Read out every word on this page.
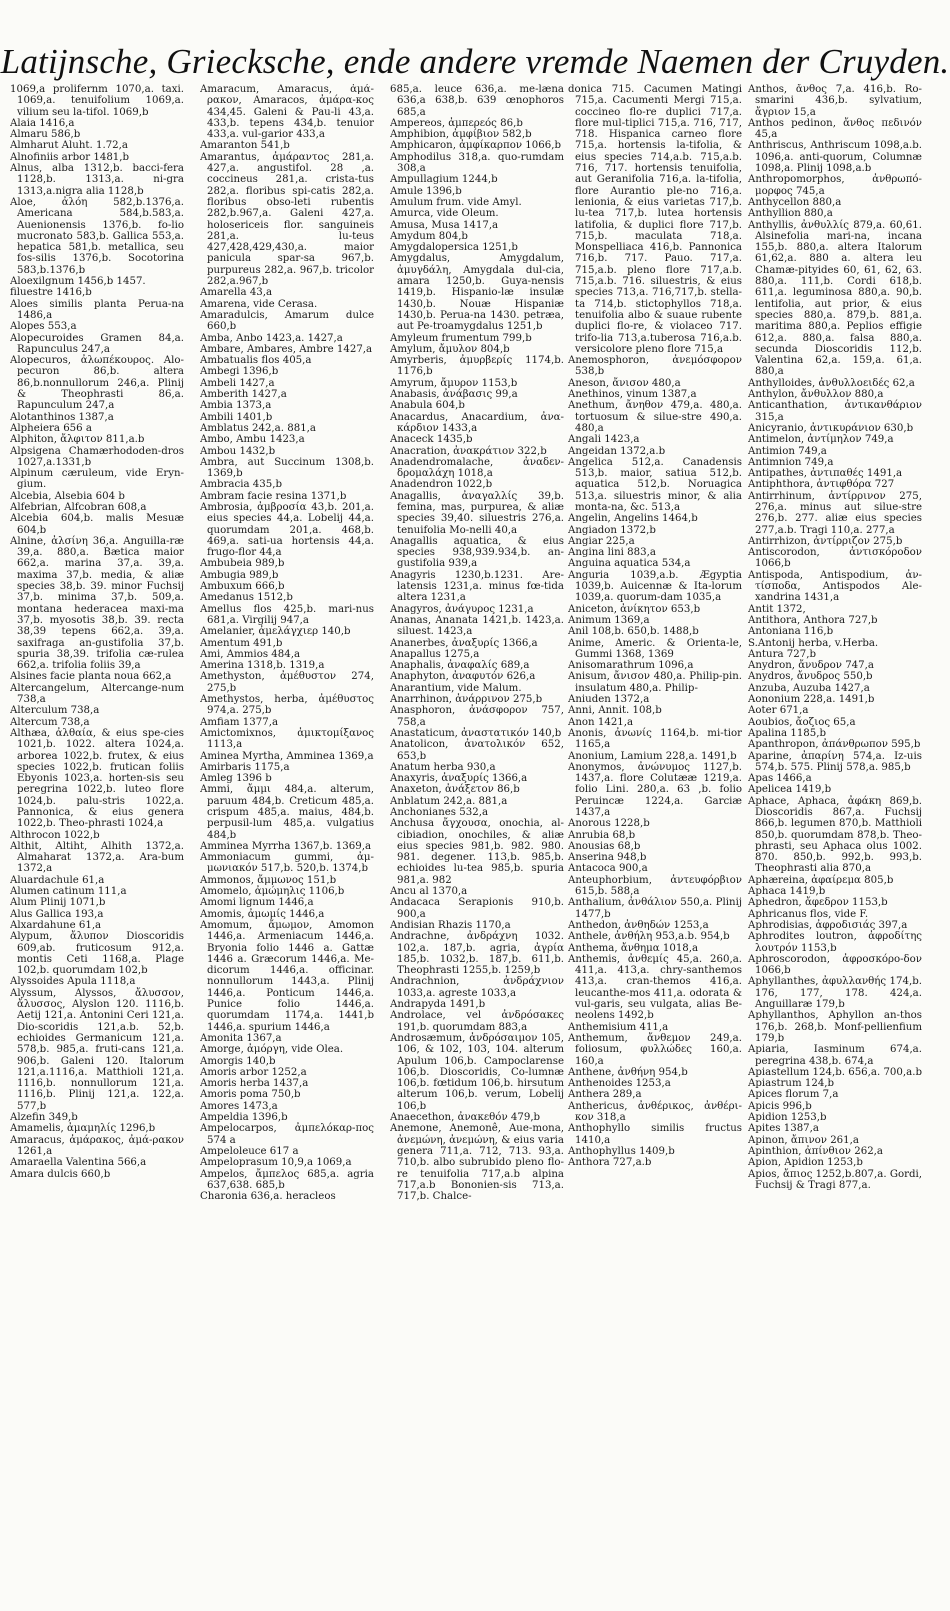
Latijnsche, Griecksche, ende andere vremde Naemen der Cruyden.

1069,a prolifernm 1070,a. taxi. 1069,a. tenuifolium 1069,a. vilium seu la-tifol. 1069,b

Alaia 1416,a

Almaru 586,b

Almharut Aluht. 1.72,a

Alnofiniis arbor 1481,b

Alnus, alba 1312,b. bacci-fera 1128,b. 1313,a. ni-gra 1313,a.nigra alia 1128,b

Aloe, ἀλόη 582,b.1376,a. Americana 584,b.583,a. Auenionensis 1376,b. fo-lio mucronato 583,b. Gallica 553,a. hepatica 581,b. metallica, seu fos-silis 1376,b. Socotorina 583,b.1376,b

Aloexilgnum 1456,b 1457.

filuestre 1416,b

Aloes similis planta Perua-na 1486,a

Alopes 553,a

Alopecuroides Gramen 84,a. Rapunculus 247,a

Alopecuros, ἀλωπέκουρος. Alo-pecuron 86,b. altera 86,b.nonnullorum 246,a. Plinij & Theophrasti 86,a. Rapunculum 247,a

Alotanthinos 1387,a

Alpheiera 656 a

Alphiton, ἄλφιτον 811,a.b

Alpsigena Chamærhododen-dros 1027,a.1331,b

Alpinum cæruleum, vide Eryn-gium.

Alcebia, Alsebia 604 b

Alfebrian, Alfcobran 608,a

Alcebia 604,b. malis Mesuæ 604,b

Alnine, ἀλσίνη 36,a. Anguilla-ræ 39,a. 880,a. Bætica maior 662,a. marina 37,a. 39,a. maxima 37,b. media, & aliæ species 38,b. 39. minor Fuchsij 37,b. minima 37,b. 509,a. montana hederacea maxi-ma 37,b. myosotis 38,b. 39. recta 38,39 tepens 662,a. 39,a. saxifraga an-gustifolia 37,b. spuria 38,39. trifolia cæ-rulea 662,a. trifolia foliis 39,a

Alsines facie planta noua 662,a

Altercangelum, Altercange-num 738,a

Alterculum 738,a

Altercum 738,a

Althæa, ἀλθαία, & eius spe-cies 1021,b. 1022. altera 1024,a. arborea 1022,b. frutex, & eius species 1022,b. frutican foliis Ebyonis 1023,a. horten-sis seu peregrina 1022,b. luteo flore 1024,b. palu-stris 1022,a. Pannonica, & eius genera 1022,b. Theo-phrasti 1024,a

Althrocon 1022,b

Althit, Altiht, Alhith 1372,a. Almaharat 1372,a. Ara-bum 1372,a

Aluardachule 61,a

Alumen catinum 111,a

Alum Plinij 1071,b

Alus Gallica 193,a

Alxardahune 61,a

Alypum, ἄλυπον Dioscoridis 609,ab. fruticosum 912,a. montis Ceti 1168,a. Plage 102,b. quorumdam 102,b

Alyssoides Apula 1118,a

Alyssum, Alyssos, ἄλυσσον, ἄλυσσος, Alyslon 120. 1116,b. Aetij 121,a. Antonini Ceri 121,a. Dio-scoridis 121,a.b. 52,b. echioides Germanicum 121,a. 578,b. 985,a. fruti-cans 121,a. 906,b. Galeni 120. Italorum 121,a.1116,a. Matthioli 121,a. 1116,b. nonnullorum 121,a. 1116,b. Plinij 121,a. 122,a. 577,b

Alzefin 349,b

Amamelis, ἀμαμηλίς 1296,b

Amaracus, ἀμάρακος, ἀμά-ρακον 1261,a

Amaraella Valentina 566,a

Amara dulcis 660,b

Amaracum, Amaracus, ἀμά-ρακον, Amaracos, ἀμάρα-κος 434,45. Galeni & Pau-li 43,a. 433,b. tepens 434,b. tenuior 433,a. vul-garior 433,a

Amaranton 541,b

Amarantus, ἀμάραντος 281,a. 427,a. angustifol. 28 ,a. coccineus 281,a. crista-tus 282,a. floribus spi-catis 282,a. floribus obso-leti rubentis 282,b.967,a. Galeni 427,a. holosericeis flor. sanguineis 281,a. lu-teus 427,428,429,430,a. maior panicula spar-sa 967,b. purpureus 282,a. 967,b. tricolor 282,a.967,b

Amarella 43,a

Amarena, vide Cerasa.

Amaradulcis, Amarum dulce 660,b

Amba, Anbo 1423,a. 1427,a

Ambare, Ambares, Ambre 1427,a

Ambatualis flos 405,a

Ambegi 1396,b

Ambeli 1427,a

Amberith 1427,a

Ambia 1373,a

Ambili 1401,b

Amblatus 242,a. 881,a

Ambo, Ambu 1423,a

Ambou 1432,b

Ambra, aut Succinum 1308,b. 1369,b

Ambracia 435,b

Ambram facie resina 1371,b

Ambrosia, ἀμβροσία 43,b. 201,a. eius species 44,a. Lobelij 44,a. quorumdam 201,a. 468,b. 469,a. sati-ua hortensis 44,a. frugo-flor 44,a

Ambubeia 989,b

Ambugia 989,b

Ambuxum 666,b

Amedanus 1512,b

Amellus flos 425,b. mari-nus 681,a. Virgilij 947,a

Amelanier, ἀμελάγχιερ 140,b

Amentum 491,b

Ami, Ammios 484,a

Amerina 1318,b. 1319,a

Amethyston, ἀμέθυστον 274, 275,b

Amethystos, herba, ἀμέθυστος 974,a. 275,b

Amfiam 1377,a

Amictomixnos, ἀμικτομίξανος 1113,a

Aminea Myrtha, Amminea 1369,a

Amirbaris 1175,a

Amleg 1396 b

Ammi, ἄμμι 484,a. alterum, paruum 484,b. Creticum 485,a. crispum 485,a. maius, 484,b. perpusil-lum 485,a. vulgatius 484,b

Amminea Myrrha 1367,b. 1369,a

Ammoniacum gummi, ἀμ-μωνιακόν 517,b. 520,b. 1374,b

Ammonos, ἄμμωνος 151,b

Amomelo, ἀμώμηλις 1106,b

Amomi lignum 1446,a

Amomis, ἀμωμίς 1446,a

Amomum, ἄμωμον, Amomon 1446,a. Armeniacum 1446,a. Bryonia folio 1446 a. Gattæ 1446 a. Græcorum 1446,a. Me-dicorum 1446,a. officinar. nonnullorum 1443,a. Plinij 1446,a. Ponticum 1446,a. Punice folio 1446,a. quorumdam 1174,a. 1441,b 1446,a. spurium 1446,a

Amonita 1367,a

Amorge, ἀμόργη, vide Olea.

Amorgis 140,b

Amoris arbor 1252,a

Amoris herba 1437,a

Amoris poma 750,b

Amores 1473,a

Ampeldia 1396,b

Ampelocarpos, ἀμπελόκαρ-πος 574 a

Ampeloleuce 617 a

Ampeloprasum 10,9,a 1069,a

Ampelos, ἄμπελος 685,a. agria 637,638. 685,b

Charonia 636,a. heracleos

685,a. leuce 636,a. me-læna 636,a 638,b. 639 œnophoros 685,a

Ampereos, ἀμπερεός 86,b

Amphibion, ἀμφίβιον 582,b

Amphicaron, ἀμφίκαρπον 1066,b

Amphodilus 318,a. quo-rumdam 308,a

Ampullagium 1244,b

Amule 1396,b

Amulum frum. vide Amyl.

Amurca, vide Oleum.

Amusa, Musa 1417,a

Amydum 804,b

Amygdalopersica 1251,b

Amygdalus, Amygdalum, ἀμυγδάλη, Amygdala dul-cia, amara 1250,b. Guya-nensis 1419,b. Hispanio-læ insulæ 1430,b. Nouæ Hispaniæ 1430,b. Perua-na 1430. petræa, aut Pe-troamygdalus 1251,b

Amyleum frumentum 799,b

Amylum, ἄμυλον 804,b

Amyrberis, ἀμυρβερίς 1174,b. 1176,b

Amyrum, ἄμυρον 1153,b

Anabasis, ἀνάβασις 99,a

Anabula 604,b

Anacardus, Anacardium, ἀνα-κάρδιον 1433,a

Anaceck 1435,b

Anacration, ἀνακράτιον 322,b

Anadendromalache, ἀναδεν-δρομαλάχη 1018,a

Anadendron 1022,b

Anagallis, ἀναγαλλίς 39,b. femina, mas, purpurea, & aliæ species 39,40. siluestris 276,a. tenuifolia Mo-nelli 40,a

Anagallis aquatica, & eius species 938,939.934,b. an-gustifolia 939,a

Anagyris 1230,b.1231. Are-latensis 1231,a. minus fœ-tida altera 1231,a

Anagyros, ἀνάγυρος 1231,a

Ananas, Ananata 1421,b. 1423,a. siluest. 1423,a

Ananerbes, ἀναξυρίς 1366,a

Anapallus 1275,a

Anaphalis, ἀναφαλίς 689,a

Anaphyton, ἀναφυτόν 626,a

Anarantium, vide Malum.

Anarrhinon, ἀνάρρινον 275,b

Anasphoron, ἀνάσφορον 757, 758,a

Anastaticum, ἀναστατικόν 140,b

Anatolicon, ἀνατολικόν 652, 653,b

Anatum herba 930,a

Anaxyris, ἀναξυρίς 1366,a

Anaxeton, ἀνάξετον 86,b

Anblatum 242,a. 881,a

Anchonianes 532,a

Anchusa ἄγχουσα, onochia, al-cibiadion, onochiles, & aliæ eius species 981,b. 982. 980. 981. degener. 113,b. 985,b. echioides lu-tea 985,b. spuria 981,a. 982

Ancu al 1370,a

Andacaca Serapionis 910,b. 900,a

Andisian Rhazis 1170,a

Andrachne, ἀνδράχνη 1032. 102,a. 187,b. agria, ἀγρία 185,b. 1032,b. 187,b. 611,b. Theophrasti 1255,b. 1259,b

Andrachnion, ἀνδράχνιον 1033,a. agreste 1033,a

Andrapyda 1491,b

Androlace, vel ἀνδρόσακες 191,b. quorumdam 883,a

Androsæmum, ἀνδρόσαιμον 105, 106, & 102, 103, 104. alterum Apulum 106,b. Campoclarense 106,b. Dioscoridis, Co-lumnæ 106,b. fœtidum 106,b. hirsutum alterum 106,b. verum, Lobelij 106,b

Anaecethon, ἀνακεθόν 479,b

Anemone, Anemonê, Aue-mona, ἀνεμώνη, ἀνεμώνη, & eius varia genera 711,a. 712, 713. 93,a. 710,b. albo subrubido pleno flo-re tenuifolia 717,a.b alpina 717,a.b Bononien-sis 713,a. 717,b. Chalce-

donica 715. Cacumen Matingi 715,a. Cacumenti Mergi 715,a. coccineo flo-re duplici 717,a. flore mul-tiplici 715,a. 716, 717, 718. Hispanica carneo flore 715,a. hortensis la-tifolia, & eius species 714,a.b. 715,a.b. 716, 717. hortensis tenuifolia, aut Geranifolia 716,a. la-tifolia, flore Aurantio ple-no 716,a. lenionia, & eius varietas 717,b. lu-tea 717,b. lutea hortensis latifolia, & duplici flore 717,b. 715,b. maculata 718,a. Monspelliaca 416,b. Pannonica 716,b. 717. Pauo. 717,a. 715,a.b. pleno flore 717,a.b. 715,a.b. 716. siluestris, & eius species 713,a. 716,717,b. stella-ta 714,b. stictophyllos 718,a. tenuifolia albo & suaue rubente duplici flo-re, & violaceo 717. trifo-lia 713,a.tuberosa 716,a.b. versicolore pleno flore 715,a

Anemosphoron, ἀνεμόσφορον 538,b

Aneson, ἄνισον 480,a

Anethinos, vinum 1387,a

Anethum, ἄνηθον 479,a. 480,a. tortuosum & silue-stre 490,a. 480,a

Angali 1423,a

Angeidan 1372,a.b

Angelica 512,a. Canadensis 513,b. maior, satiua 512,b. aquatica 512,b. Noruagica 513,a. siluestris minor, & alia monta-na, &c. 513,a

Angelin, Angelins 1464,b

Angiadon 1372,b

Angiar 225,a

Angina lini 883,a

Anguina aquatica 534,a

Anguria 1039,a.b. Ægyptia 1039,b. Auicennæ & Ita-lorum 1039,a. quorum-dam 1035,a

Aniceton, ἀνίκητον 653,b

Animum 1369,a

Anil 108,b. 650,b. 1488,b

Anime, Americ. & Orienta-le, Gummi 1368, 1369

Anisomarathrum 1096,a

Anisum, ἄνισον 480,a. Philip-pin. insulatum 480,a. Philip-

Aniuden 1372,a

Anni, Annit. 108,b

Anon 1421,a

Anonis, ἀνωνίς 1164,b. mi-tior 1165,a

Anonium, Lamium 228,a. 1491,b

Anonymos, ἀνώνυμος 1127,b. 1437,a. flore Colutææ 1219,a. folio Lini. 280,a. 63 ,b. folio Peruincæ 1224,a. Garciæ 1437,a

Anorous 1228,b

Anrubia 68,b

Anousias 68,b

Anserina 948,b

Antacoca 900,a

Anteuphorbium, ἀντευφόρβιον 615,b. 588,a

Anthalium, ἀνθάλιον 550,a. Plinij 1477,b

Anthedon, ἀνθηδών 1253,a

Anthele, ἀνθήλη 953,a.b. 954,b

Anthema, ἄνθημα 1018,a

Anthemis, ἀνθεμίς 45,a. 260,a. 411,a. 413,a. chry-santhemos 413,a. cran-themos 416,a. leucanthe-mos 411,a. odorata & vul-garis, seu vulgata, alias Be-neolens 1492,b

Anthemisium 411,a

Anthemum, ἄνθεμον 249,a. foliosum, φυλλώδες 160,a. 160,a

Anthene, ἀνθήνη 954,b

Anthenoides 1253,a

Anthera 289,a

Anthericus, ἀνθέρικος, ἀνθέρι-κον 318,a

Anthophyllo similis fructus 1410,a

Anthophyllus 1409,b

Anthora 727,a.b

Anthos, ἄνθος 7,a. 416,b. Ro-smarini 436,b. sylvatium, ἄγριον 15,a

Anthos pedinon, ἄνθος πεδινόν 45,a

Anthriscus, Anthriscum 1098,a.b. 1096,a. anti-quorum, Columnæ 1098,a. Plinij 1098,a.b

Anthropomorphos, ἀνθρωπό-μορφος 745,a

Anthycellon 880,a

Anthyllion 880,a

Anthyllis, ἀνθυλλίς 879,a. 60,61. Alsinefolia mari-na, incana 155,b. 880,a. altera Italorum 61,62,a. 880 a. altera leu Chamæ-pityides 60, 61, 62, 63. 880,a. 111,b. Cordi 618,b. 611,a. leguminosa 880,a. 90,b. lentifolia, aut prior, & eius species 880,a. 879,b. 881,a. maritima 880,a. Peplios effigie 612,a. 880,a. falsa 880,a. secunda Dioscoridis 112,b. Valentina 62,a. 159,a. 61,a. 880,a

Anthylloides, ἀνθυλλοειδές 62,a

Anthylon, ἄνθυλλον 880,a

Anticanthation, ἀντικανθάριον 315,a

Anicyranio, ἀντικυράνιον 630,b

Antimelon, ἀντίμηλον 749,a

Antimion 749,a

Antimnion 749,a

Antipathes, ἀντιπαθές 1491,a

Antiphthora, ἀντιφθόρα 727

Antirrhinum, ἀντίρρινον 275, 276,a. minus aut silue-stre 276,b. 277. aliæ eius species 277,a.b. Tragi 110,a. 277,a

Antirrhizon, ἀντίρριζον 275,b

Antiscorodon, ἀντισκόροδον 1066,b

Antispoda, Antispodium, ἀν-τίσποδα, Antispodos Ale-xandrina 1431,a

Antit 1372,

Antithora, Anthora 727,b

Antoniana 116,b

S.Antonij herba, v.Herba.

Antura 727,b

Anydron, ἄνυδρον 747,a

Anydros, ἄνυδρος 550,b

Anzuba, Auzuba 1427,a

Aononium 228,a. 1491,b

Aoter 671,a

Aoubios, ἄοζιος 65,a

Apalina 1185,b

Apanthropon, ἀπάνθρωπον 595,b

Aparine, ἀπαρίνη 574,a. Iz-uis 574,b. 575. Plinij 578,a. 985,b

Apas 1466,a

Apelicea 1419,b

Aphace, Aphaca, ἀφάκη 869,b. Dioscoridis 867,a. Fuchsij 866,b. legumen 870,b. Matthioli 850,b. quorumdam 878,b. Theo-phrasti, seu Aphaca olus 1002. 870. 850,b. 992,b. 993,b. Theophrasti alia 870,a

Aphæreina, ἀφαίρεμα 805,b

Aphaca 1419,b

Aphedron, ἄφεδρον 1153,b

Aphricanus flos, vide F.

Aphrodisias, ἀφροδισιάς 397,a

Aphrodites loutron, ἀφροδίτης λουτρόν 1153,b

Aphroscorodon, ἀφροσκόρο-δον 1066,b

Aphyllanthes, ἀφυλλανθής 174,b. 176, 177, 178. 424,a. Anguillaræ 179,b

Aphyllanthos, Aphyllon an-thos 176,b. 268,b. Monf-pellienfium 179,b

Apiaria, Iasminum 674,a. peregrina 438,b. 674,a

Apiastellum 124,b. 656,a. 700,a.b

Apiastrum 124,b

Apices florum 7,a

Apicis 996,b

Apidion 1253,b

Apites 1387,a

Apinon, ἄπινον 261,a

Apinthion, ἀπίνθιον 262,a

Apion, Apidion 1253,b

Apios, ἄπιος 1252,b.807,a. Gordi, Fuchsij & Tragi 877,a.
